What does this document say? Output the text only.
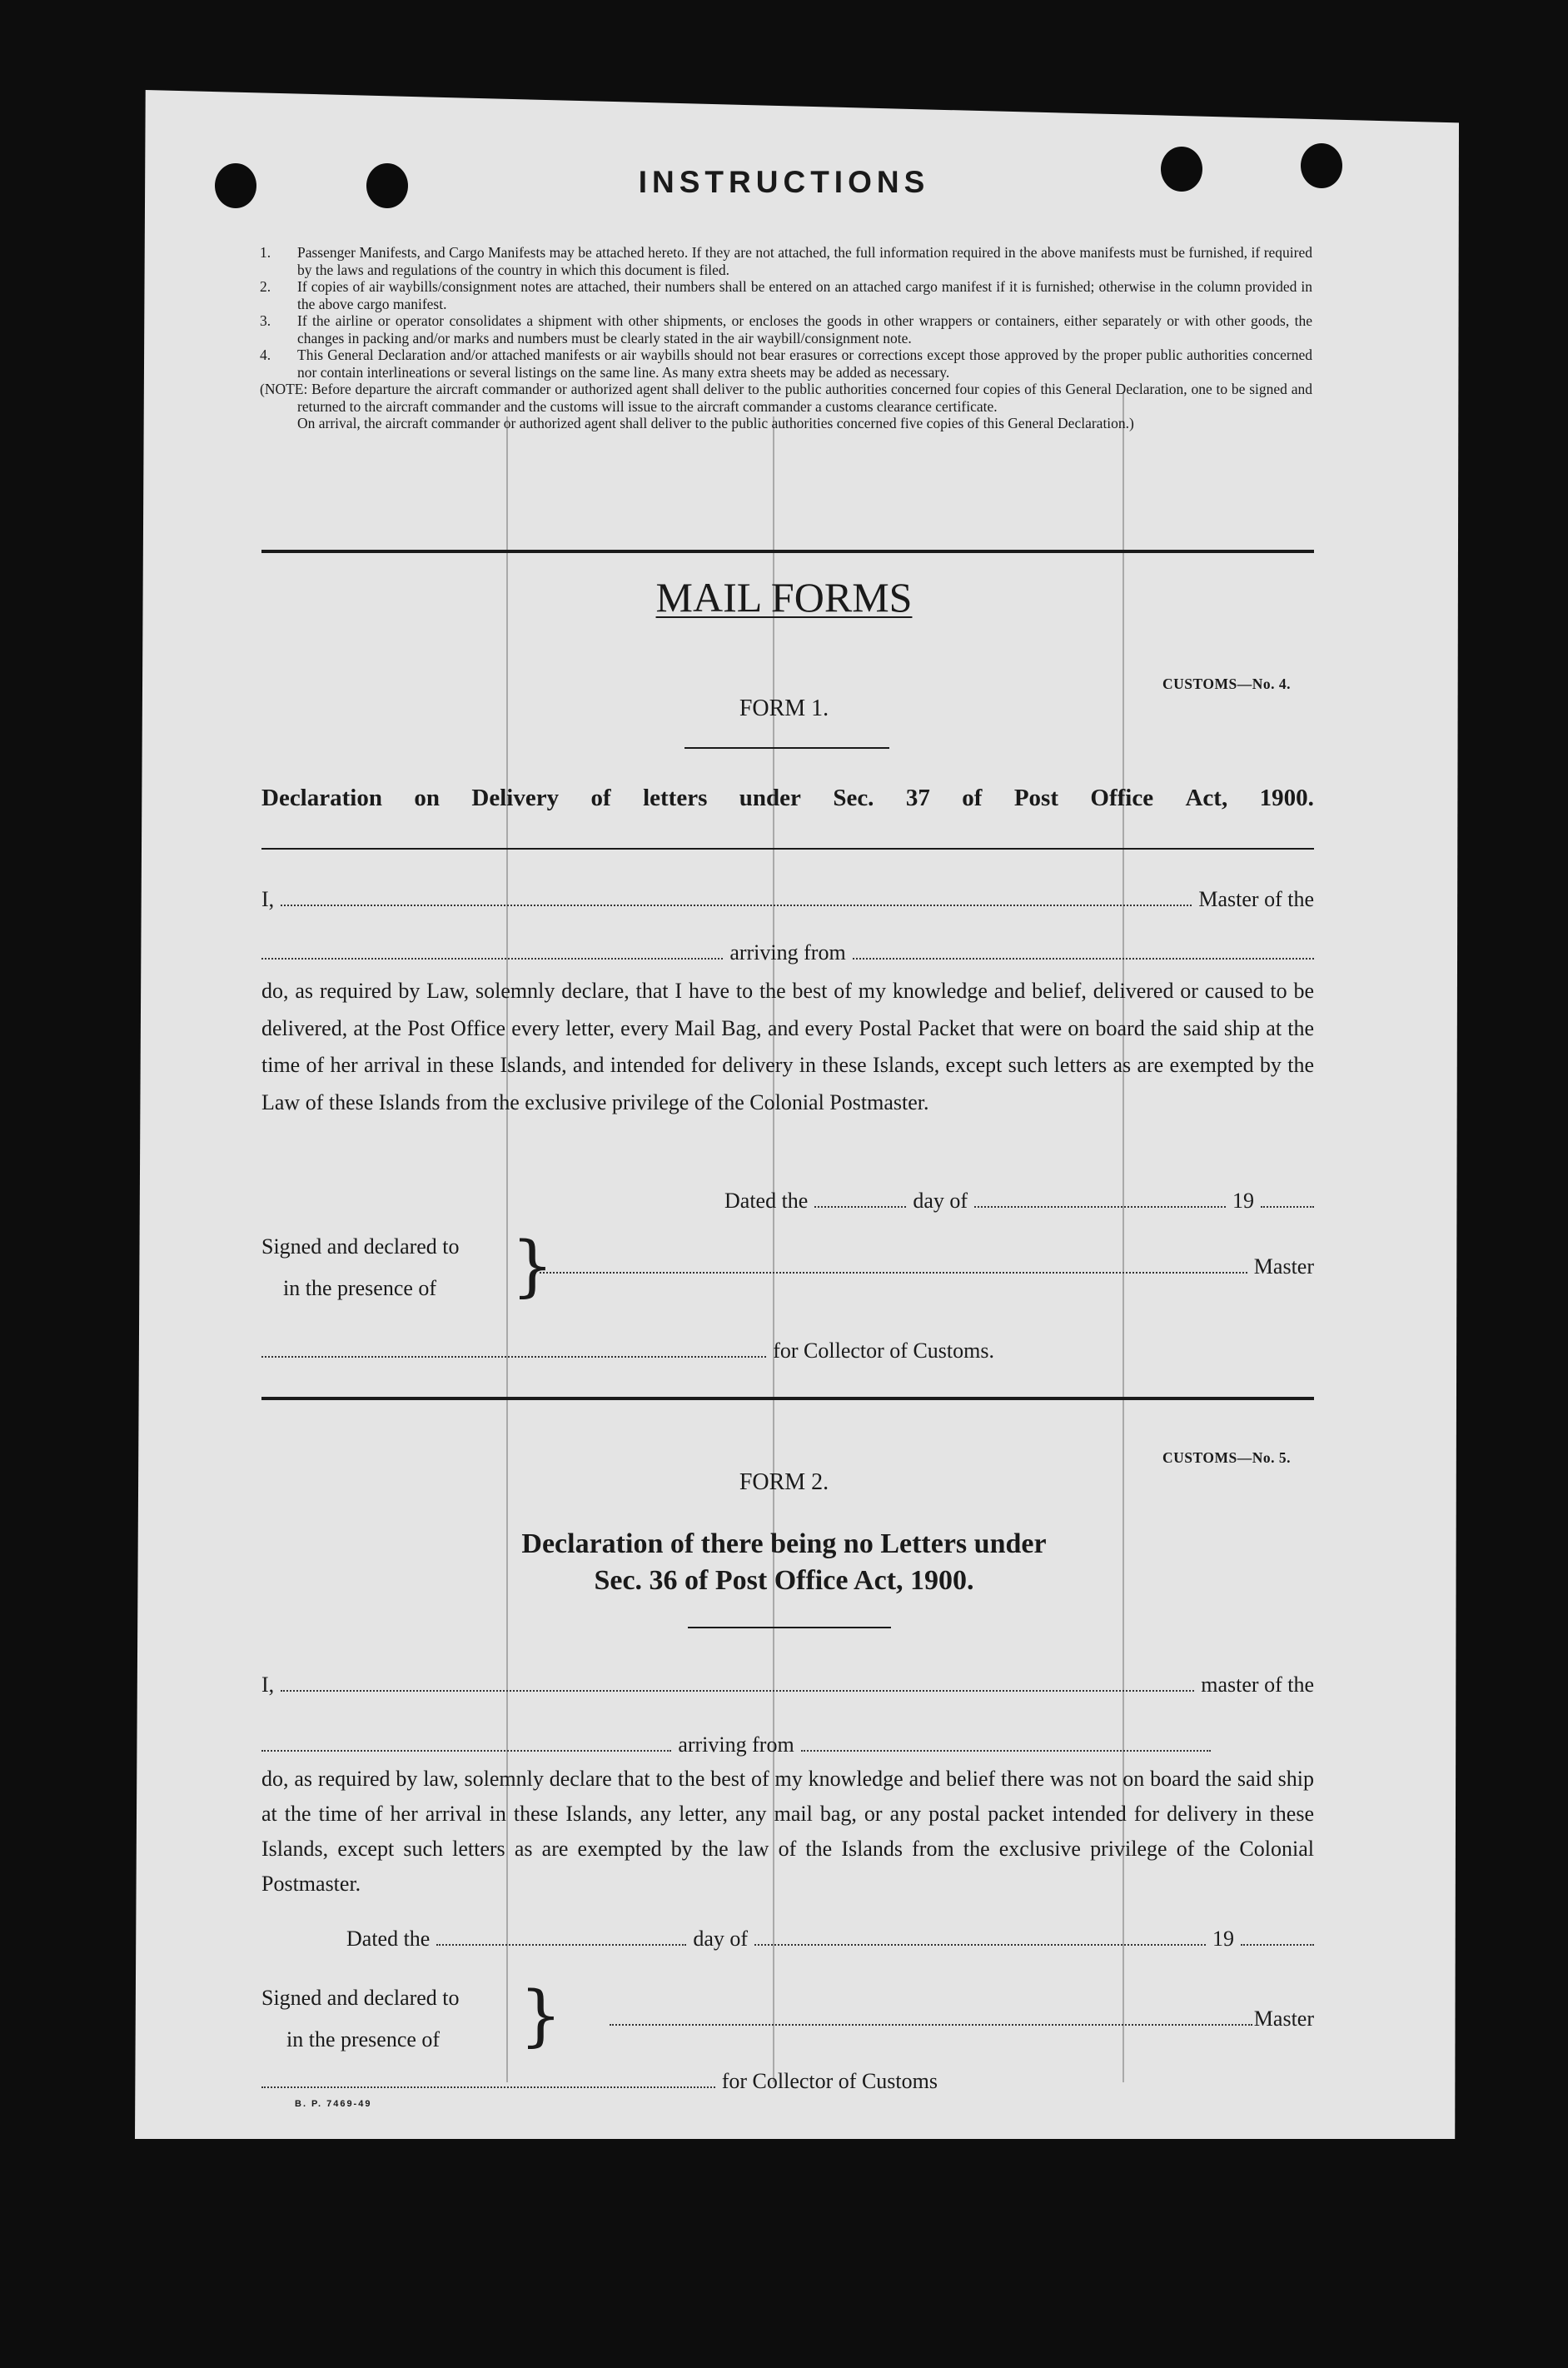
INSTRUCTIONS
1. Passenger Manifests, and Cargo Manifests may be attached hereto. If they are not attached, the full information required in the above manifests must be furnished, if required by the laws and regulations of the country in which this document is filed.
2. If copies of air waybills/consignment notes are attached, their numbers shall be entered on an attached cargo manifest if it is furnished; otherwise in the column provided in the above cargo manifest.
3. If the airline or operator consolidates a shipment with other shipments, or encloses the goods in other wrappers or containers, either separately or with other goods, the changes in packing and/or marks and numbers must be clearly stated in the air waybill/consignment note.
4. This General Declaration and/or attached manifests or air waybills should not bear erasures or corrections except those approved by the proper public authorities concerned nor contain interlineations or several listings on the same line. As many extra sheets may be added as necessary.
(NOTE: Before departure the aircraft commander or authorized agent shall deliver to the public authorities concerned four copies of this General Declaration, one to be signed and returned to the aircraft commander and the customs will issue to the aircraft commander a customs clearance certificate.
On arrival, the aircraft commander or authorized agent shall deliver to the public authorities concerned five copies of this General Declaration.)
MAIL FORMS
CUSTOMS—No. 4.
FORM 1.
Declaration on Delivery of letters under Sec. 37 of Post Office Act, 1900.
I,	Master of the
arriving from
do, as required by Law, solemnly declare, that I have to the best of my knowledge and belief, delivered or caused to be delivered, at the Post Office every letter, every Mail Bag, and every Postal Packet that were on board the said ship at the time of her arrival in these Islands, and intended for delivery in these Islands, except such letters as are exempted by the Law of these Islands from the exclusive privilege of the Colonial Postmaster.
Dated the	day of	19
Signed and declared to
in the presence of	}	Master
for Collector of Customs.
CUSTOMS—No. 5.
FORM 2.
Declaration of there being no Letters under
Sec. 36 of Post Office Act, 1900.
I,	master of the
arriving from
do, as required by law, solemnly declare that to the best of my knowledge and belief there was not on board the said ship at the time of her arrival in these Islands, any letter, any mail bag, or any postal packet intended for delivery in these Islands, except such letters as are exempted by the law of the Islands from the exclusive privilege of the Colonial Postmaster.
Dated the	day of	19
Signed and declared to
in the presence of }	Master
for Collector of Customs
B. P. 7469-49
